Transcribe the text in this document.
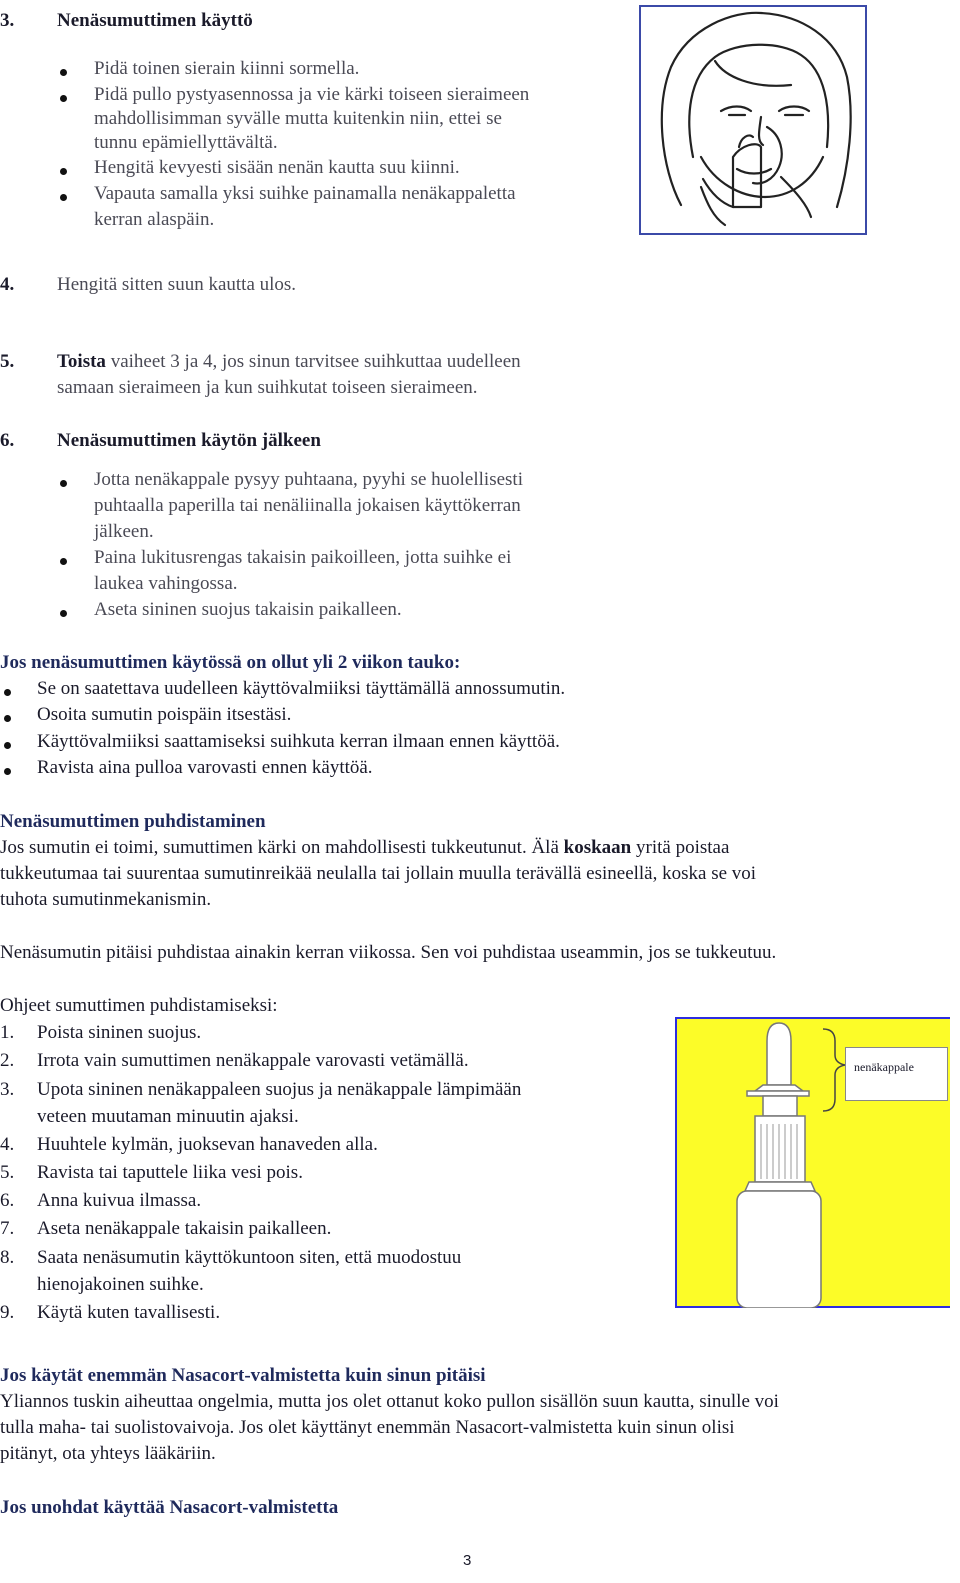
3. Nenäsumuttimen käyttö
Pidä toinen sierain kiinni sormella.
Pidä pullo pystyasennossa ja vie kärki toiseen sieraimeen
mahdollisimman syvälle mutta kuitenkin niin, ettei se
tunnu epämiellyttävältä.
Hengitä kevyesti sisään nenän kautta suu kiinni.
Vapauta samalla yksi suihke painamalla nenäkappaletta
kerran alaspäin.
4. Hengitä sitten suun kautta ulos.
5. Toista vaiheet 3 ja 4, jos sinun tarvitsee suihkuttaa uudelleen
samaan sieraimeen ja kun suihkutat toiseen sieraimeen.
6. Nenäsumuttimen käytön jälkeen
Jotta nenäkappale pysyy puhtaana, pyyhi se huolellisesti
puhtaalla paperilla tai nenäliinalla jokaisen käyttökerran
jälkeen.
Paina lukitusrengas takaisin paikoilleen, jotta suihke ei
laukea vahingossa.
Aseta sininen suojus takaisin paikalleen.
Jos nenäsumuttimen käytössä on ollut yli 2 viikon tauko:
Se on saatettava uudelleen käyttövalmiiksi täyttämällä annossumutin.
Osoita sumutin poispäin itsestäsi.
Käyttövalmiiksi saattamiseksi suihkuta kerran ilmaan ennen käyttöä.
Ravista aina pulloa varovasti ennen käyttöä.
Nenäsumuttimen puhdistaminen
Jos sumutin ei toimi, sumuttimen kärki on mahdollisesti tukkeutunut. Älä koskaan yritä poistaa
tukkeutumaa tai suurentaa sumutinreikää neulalla tai jollain muulla terävällä esineellä, koska se voi
tuhota sumutinmekanismin.
Nenäsumutin pitäisi puhdistaa ainakin kerran viikossa. Sen voi puhdistaa useammin, jos se tukkeutuu.
Ohjeet sumuttimen puhdistamiseksi:
1. Poista sininen suojus.
2. Irrota vain sumuttimen nenäkappale varovasti vetämällä.
3. Upota sininen nenäkappaleen suojus ja nenäkappale lämpimään
veteen muutaman minuutin ajaksi.
4. Huuhtele kylmän, juoksevan hanaveden alla.
5. Ravista tai taputtele liika vesi pois.
6. Anna kuivua ilmassa.
7. Aseta nenäkappale takaisin paikalleen.
8. Saata nenäsumutin käyttökuntoon siten, että muodostuu
hienojakoinen suihke.
9. Käytä kuten tavallisesti.
nenäkappale
Jos käytät enemmän Nasacort-valmistetta kuin sinun pitäisi
Yliannos tuskin aiheuttaa ongelmia, mutta jos olet ottanut koko pullon sisällön suun kautta, sinulle voi
tulla maha- tai suolistovaivoja. Jos olet käyttänyt enemmän Nasacort-valmistetta kuin sinun olisi
pitänyt, ota yhteys lääkäriin.
Jos unohdat käyttää Nasacort-valmistetta
3
